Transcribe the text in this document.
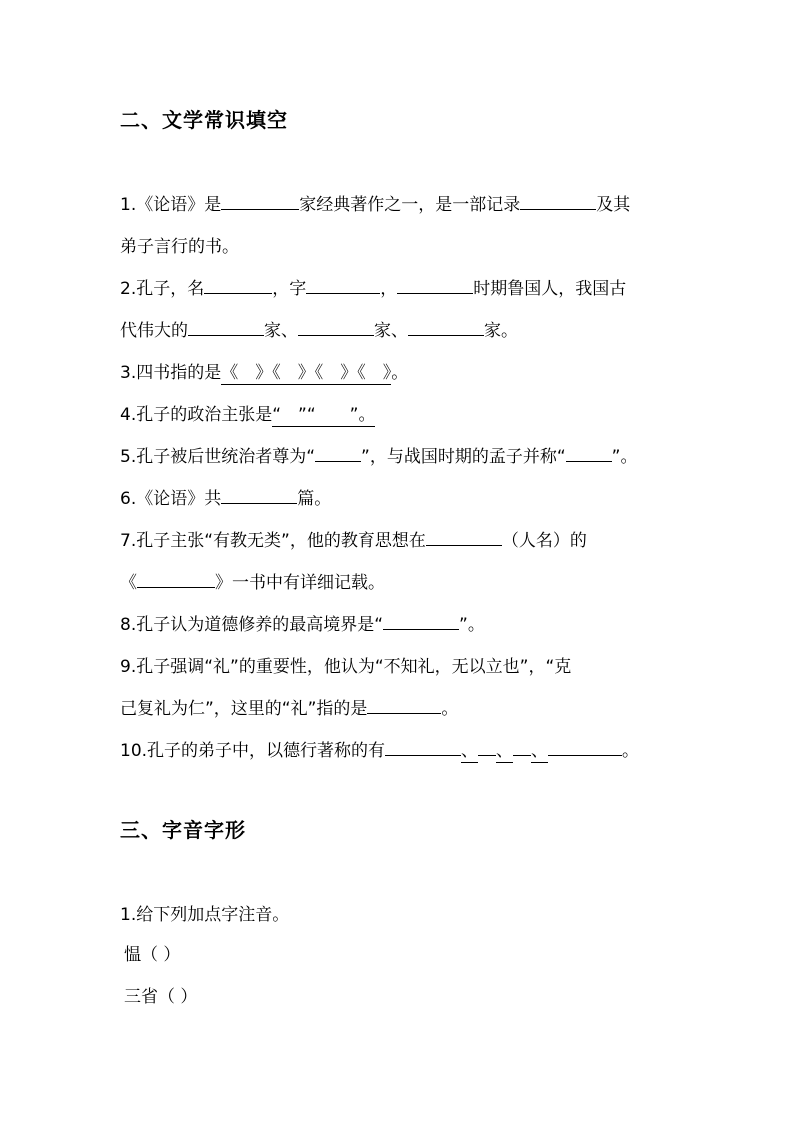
二、文学常识填空
1.《论语》是	家经典著作之一，是一部记录	及其
弟子言行的书。
2.孔子，名	，字	，	时期鲁国人，我国古
代伟大的	家、	家、	家。
3.四书指的是《　》《　》《　》《　》。
4.孔子的政治主张是“　”“　　”。
5.孔子被后世统治者尊为“	”，与战国时期的孟子并称“	”。
6.《论语》共	篇。
7.孔子主张“有教无类”，他的教育思想在	（人名）的
《	》一书中有详细记载。
8.孔子认为道德修养的最高境界是“	”。
9.孔子强调“礼”的重要性，他认为“不知礼，无以立也”，“克
己复礼为仁”，这里的“礼”指的是	。
10.孔子的弟子中，以德行著称的有	、 、 、	。
三、字音字形
1.给下列加点字注音。
愠（ ）
三省（ ）
